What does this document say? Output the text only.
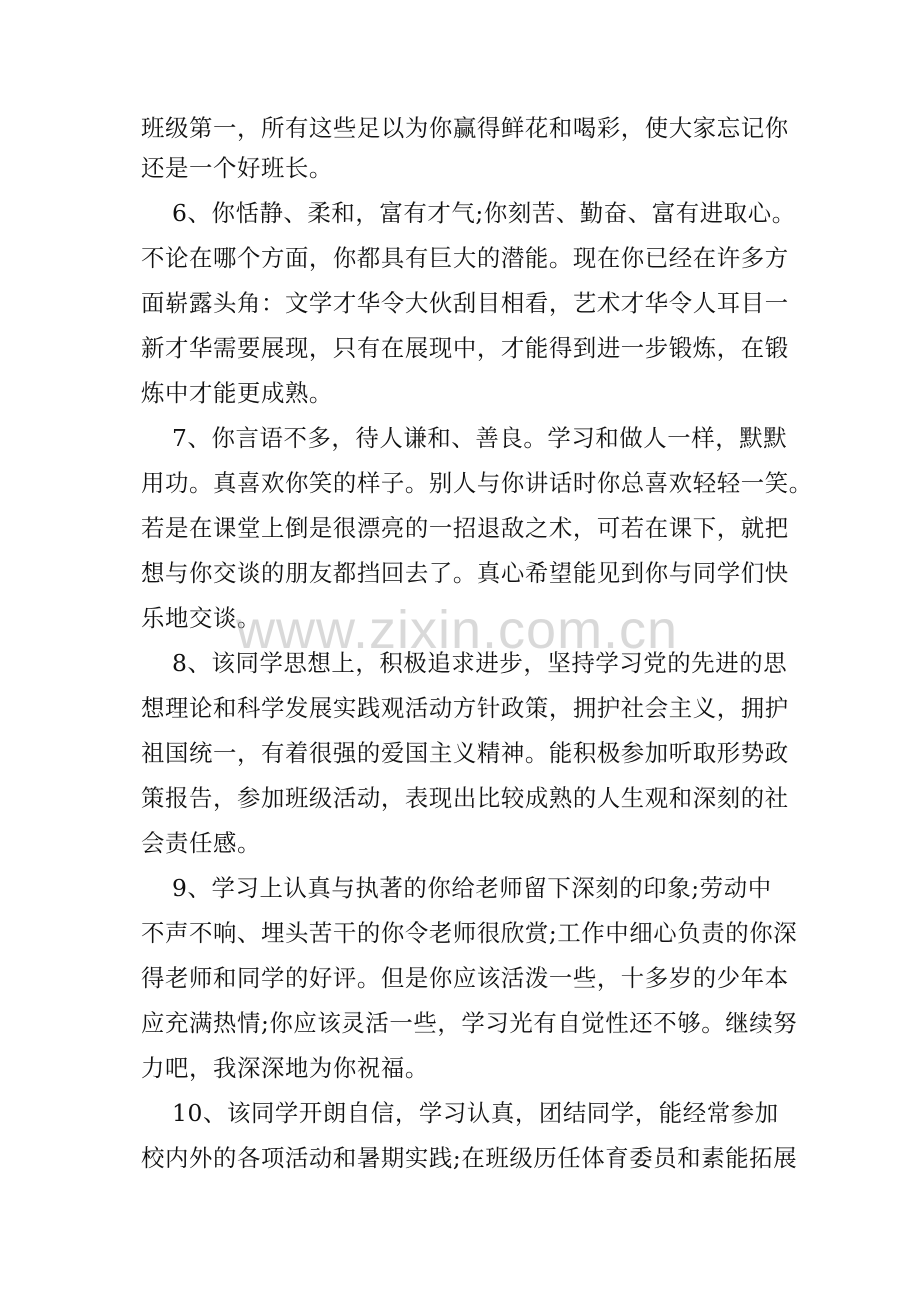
班级第一，所有这些足以为你赢得鲜花和喝彩，使大家忘记你

还是一个好班长。

6、你恬静、柔和，富有才气;你刻苦、勤奋、富有进取心。

不论在哪个方面，你都具有巨大的潜能。现在你已经在许多方

面崭露头角：文学才华令大伙刮目相看，艺术才华令人耳目一

新才华需要展现，只有在展现中，才能得到进一步锻炼，在锻

炼中才能更成熟。

7、你言语不多，待人谦和、善良。学习和做人一样，默默

用功。真喜欢你笑的样子。别人与你讲话时你总喜欢轻轻一笑。

若是在课堂上倒是很漂亮的一招退敌之术，可若在课下，就把

想与你交谈的朋友都挡回去了。真心希望能见到你与同学们快

乐地交谈。

8、该同学思想上，积极追求进步，坚持学习党的先进的思

想理论和科学发展实践观活动方针政策，拥护社会主义，拥护

祖国统一，有着很强的爱国主义精神。能积极参加听取形势政

策报告，参加班级活动，表现出比较成熟的人生观和深刻的社

会责任感。

9、学习上认真与执著的你给老师留下深刻的印象;劳动中

不声不响、埋头苦干的你令老师很欣赏;工作中细心负责的你深

得老师和同学的好评。但是你应该活泼一些，十多岁的少年本

应充满热情;你应该灵活一些，学习光有自觉性还不够。继续努

力吧，我深深地为你祝福。

10、该同学开朗自信，学习认真，团结同学，能经常参加

校内外的各项活动和暑期实践;在班级历任体育委员和素能拓展

www.zixin.com.cn
